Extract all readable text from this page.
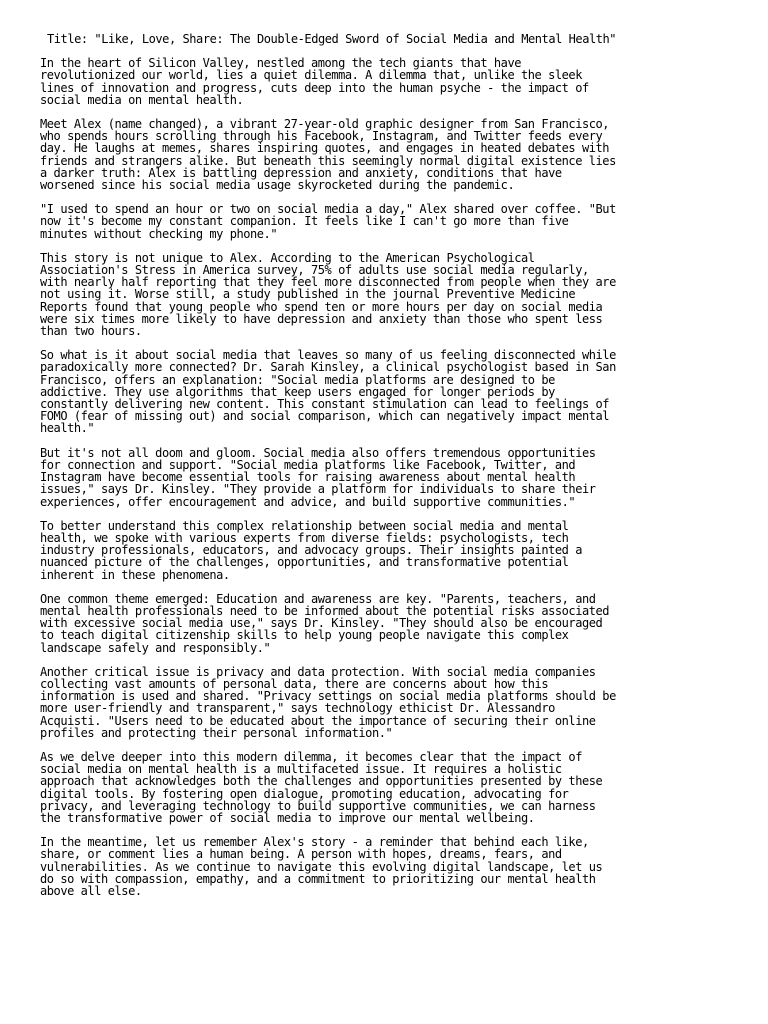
Title: "Like, Love, Share: The Double-Edged Sword of Social Media and Mental Health"
In the heart of Silicon Valley, nestled among the tech giants that have
revolutionized our world, lies a quiet dilemma. A dilemma that, unlike the sleek
lines of innovation and progress, cuts deep into the human psyche - the impact of
social media on mental health.
Meet Alex (name changed), a vibrant 27-year-old graphic designer from San Francisco,
who spends hours scrolling through his Facebook, Instagram, and Twitter feeds every
day. He laughs at memes, shares inspiring quotes, and engages in heated debates with
friends and strangers alike. But beneath this seemingly normal digital existence lies
a darker truth: Alex is battling depression and anxiety, conditions that have
worsened since his social media usage skyrocketed during the pandemic.
"I used to spend an hour or two on social media a day," Alex shared over coffee. "But
now it's become my constant companion. It feels like I can't go more than five
minutes without checking my phone."
This story is not unique to Alex. According to the American Psychological
Association's Stress in America survey, 75% of adults use social media regularly,
with nearly half reporting that they feel more disconnected from people when they are
not using it. Worse still, a study published in the journal Preventive Medicine
Reports found that young people who spend ten or more hours per day on social media
were six times more likely to have depression and anxiety than those who spent less
than two hours.
So what is it about social media that leaves so many of us feeling disconnected while
paradoxically more connected? Dr. Sarah Kinsley, a clinical psychologist based in San
Francisco, offers an explanation: "Social media platforms are designed to be
addictive. They use algorithms that keep users engaged for longer periods by
constantly delivering new content. This constant stimulation can lead to feelings of
FOMO (fear of missing out) and social comparison, which can negatively impact mental
health."
But it's not all doom and gloom. Social media also offers tremendous opportunities
for connection and support. "Social media platforms like Facebook, Twitter, and
Instagram have become essential tools for raising awareness about mental health
issues," says Dr. Kinsley. "They provide a platform for individuals to share their
experiences, offer encouragement and advice, and build supportive communities."
To better understand this complex relationship between social media and mental
health, we spoke with various experts from diverse fields: psychologists, tech
industry professionals, educators, and advocacy groups. Their insights painted a
nuanced picture of the challenges, opportunities, and transformative potential
inherent in these phenomena.
One common theme emerged: Education and awareness are key. "Parents, teachers, and
mental health professionals need to be informed about the potential risks associated
with excessive social media use," says Dr. Kinsley. "They should also be encouraged
to teach digital citizenship skills to help young people navigate this complex
landscape safely and responsibly."
Another critical issue is privacy and data protection. With social media companies
collecting vast amounts of personal data, there are concerns about how this
information is used and shared. "Privacy settings on social media platforms should be
more user-friendly and transparent," says technology ethicist Dr. Alessandro
Acquisti. "Users need to be educated about the importance of securing their online
profiles and protecting their personal information."
As we delve deeper into this modern dilemma, it becomes clear that the impact of
social media on mental health is a multifaceted issue. It requires a holistic
approach that acknowledges both the challenges and opportunities presented by these
digital tools. By fostering open dialogue, promoting education, advocating for
privacy, and leveraging technology to build supportive communities, we can harness
the transformative power of social media to improve our mental wellbeing.
In the meantime, let us remember Alex's story - a reminder that behind each like,
share, or comment lies a human being. A person with hopes, dreams, fears, and
vulnerabilities. As we continue to navigate this evolving digital landscape, let us
do so with compassion, empathy, and a commitment to prioritizing our mental health
above all else.
